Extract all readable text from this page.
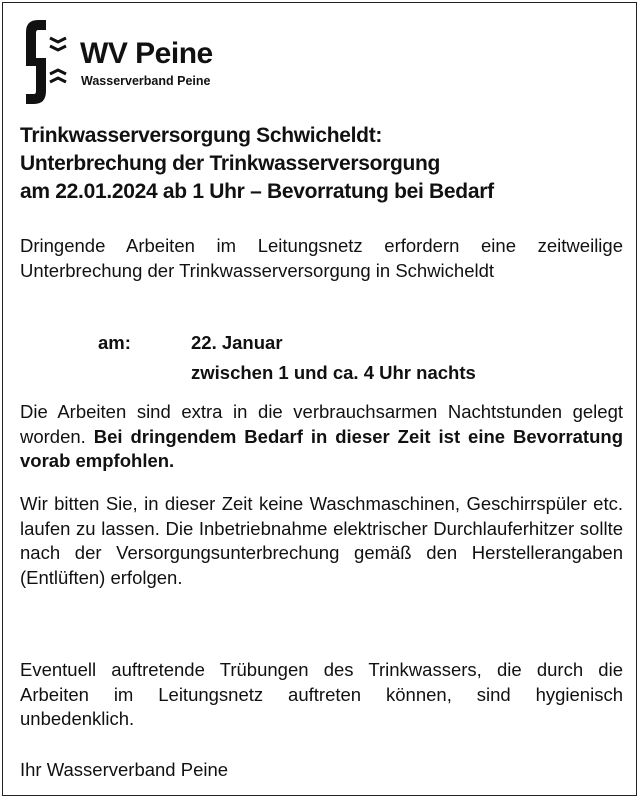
WV Peine
Wasserverband Peine
Trinkwasserversorgung Schwicheldt:
Unterbrechung der Trinkwasserversorgung
am 22.01.2024 ab 1 Uhr – Bevorratung bei Bedarf
Dringende Arbeiten im Leitungsnetz erfordern eine zeitweilige Unterbrechung der Trinkwasserversorgung in Schwicheldt
am:	22. Januar
zwischen 1 und ca. 4 Uhr nachts
Die Arbeiten sind extra in die verbrauchsarmen Nachtstunden gelegt worden. Bei dringendem Bedarf in dieser Zeit ist eine Bevorratung vorab empfohlen.
Wir bitten Sie, in dieser Zeit keine Waschmaschinen, Geschirrspüler etc. laufen zu lassen. Die Inbetriebnahme elektrischer Durchlauferhitzer sollte nach der Versorgungsunterbrechung gemäß den Herstellerangaben (Entlüften) erfolgen.
Eventuell auftretende Trübungen des Trinkwassers, die durch die Arbeiten im Leitungsnetz auftreten können, sind hygienisch unbedenklich.
Ihr Wasserverband Peine
